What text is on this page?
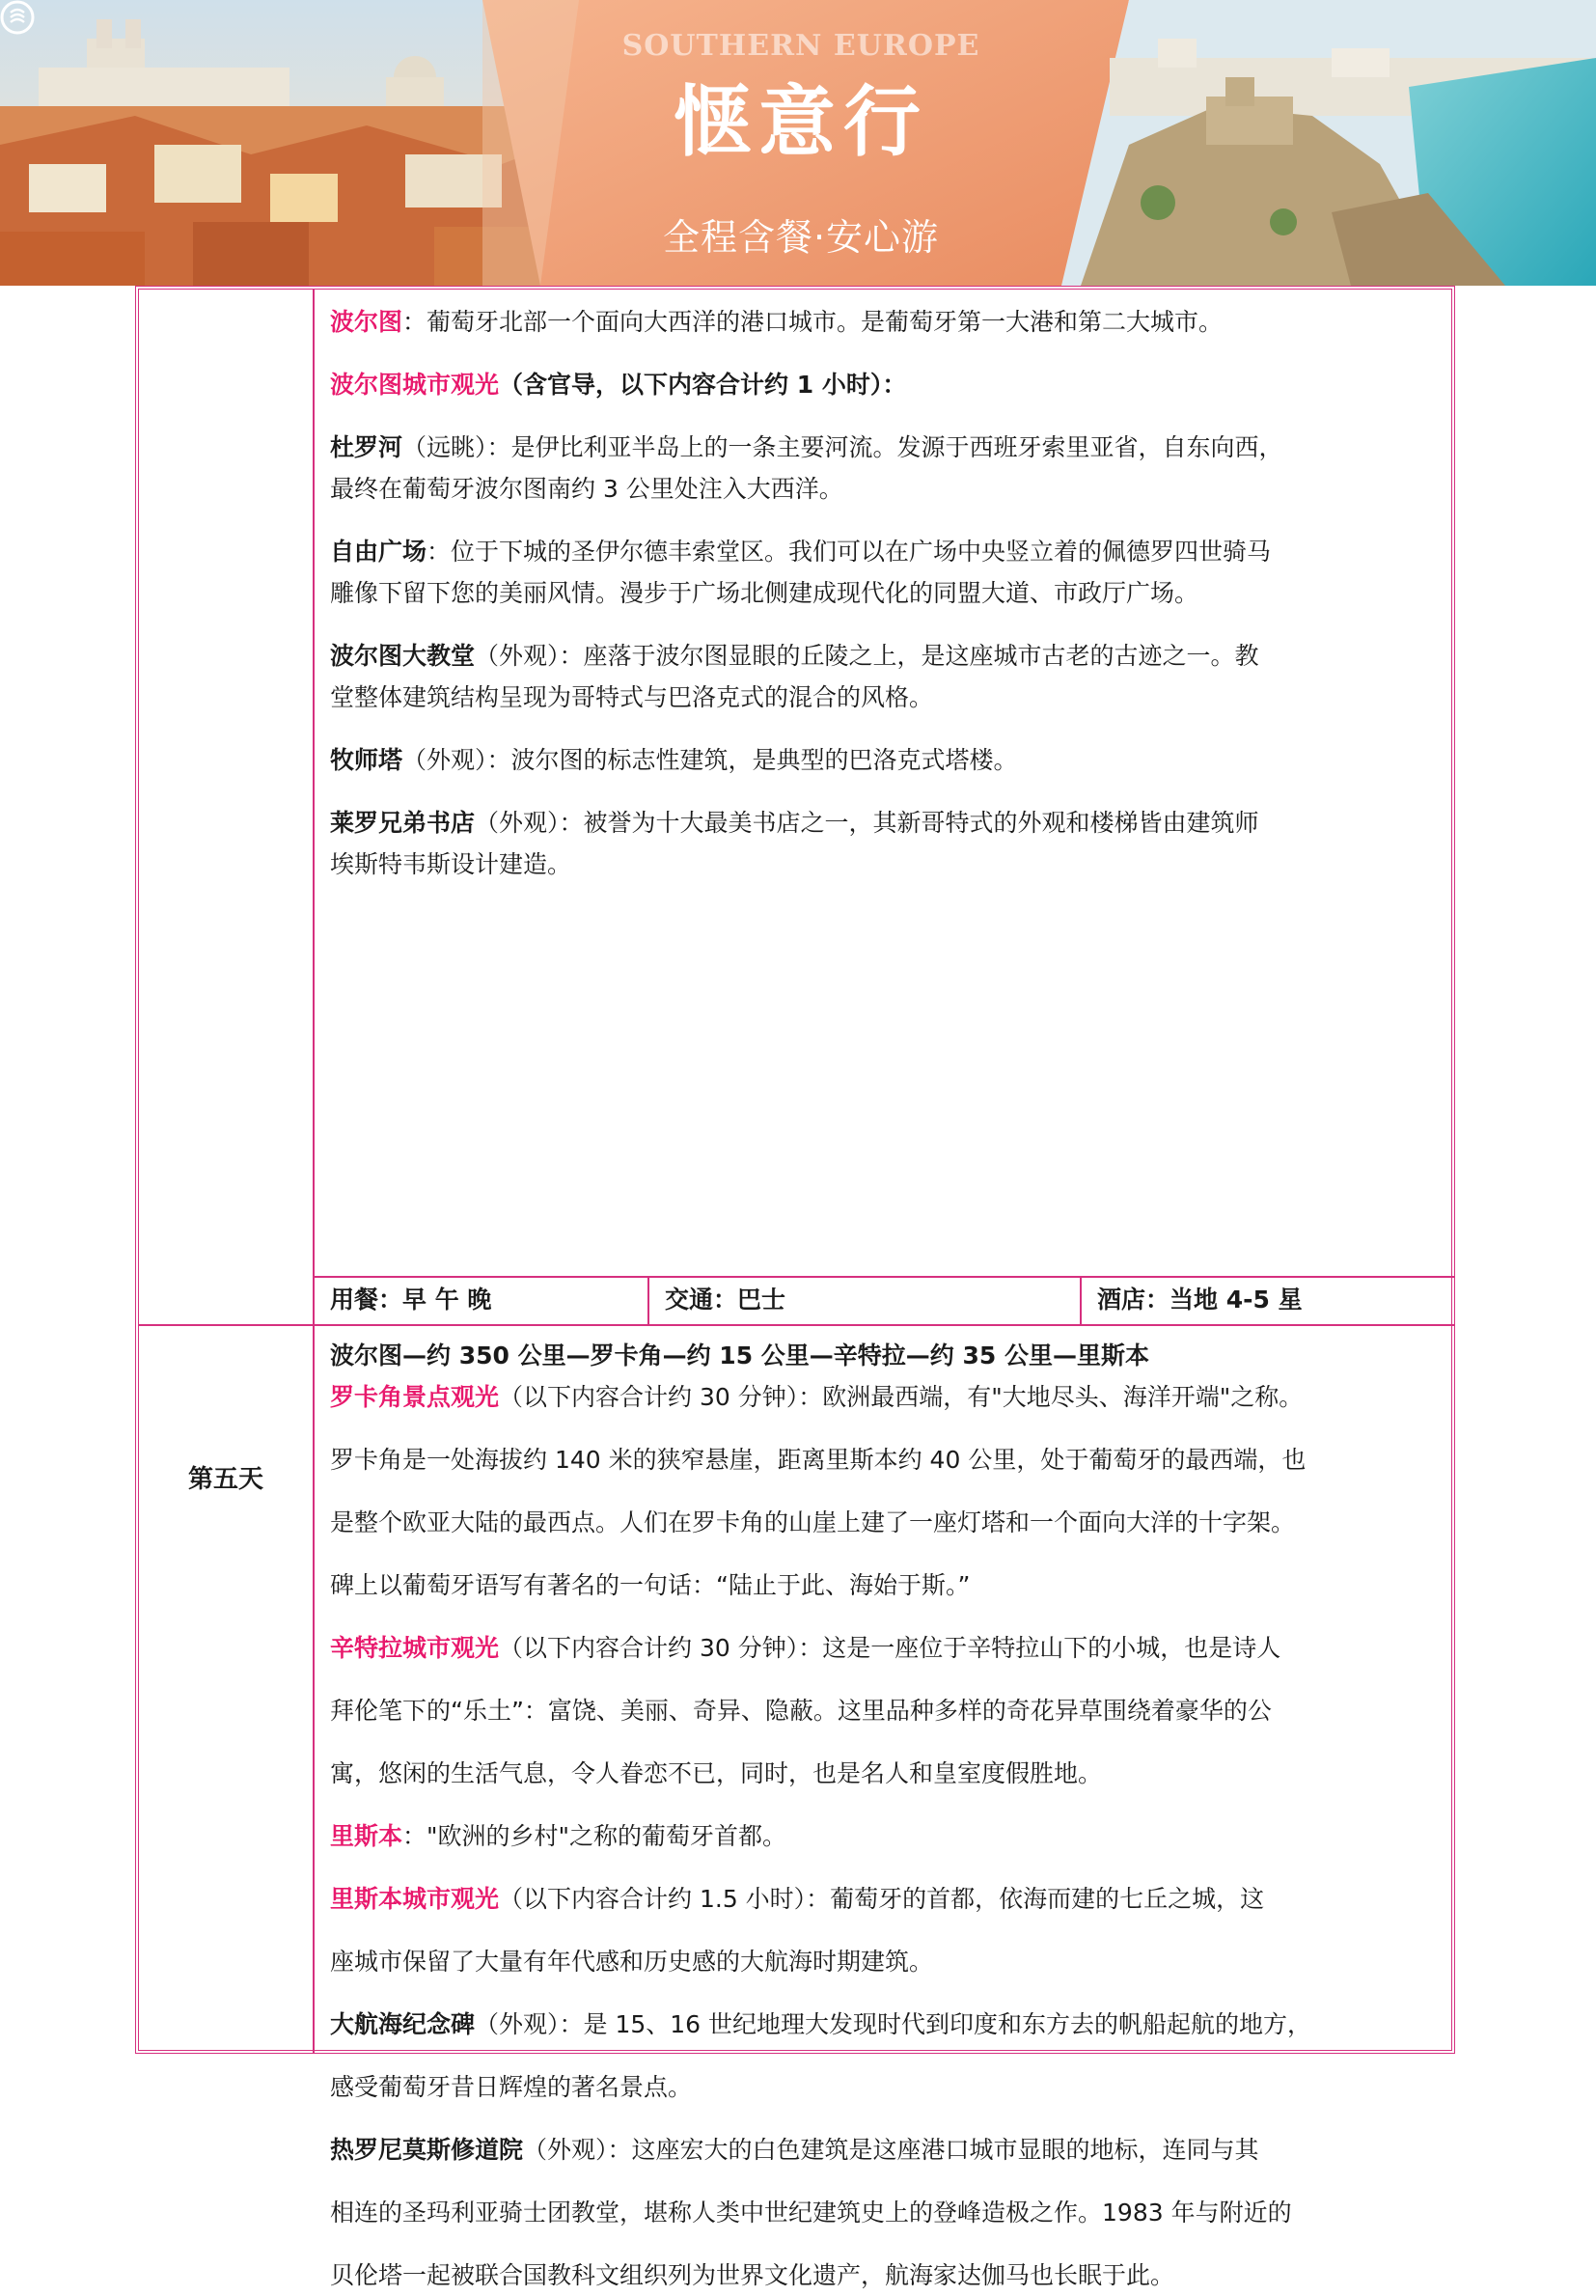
SOUTHERN EUROPE
惬意行
全程含餐·安心游

波尔图：葡萄牙北部一个面向大西洋的港口城市。是葡萄牙第一大港和第二大城市。

波尔图城市观光（含官导，以下内容合计约 1 小时）：

杜罗河（远眺）：是伊比利亚半岛上的一条主要河流。发源于西班牙索里亚省，自东向西，

最终在葡萄牙波尔图南约 3 公里处注入大西洋。

自由广场：位于下城的圣伊尔德丰索堂区。我们可以在广场中央竖立着的佩德罗四世骑马

雕像下留下您的美丽风情。漫步于广场北侧建成现代化的同盟大道、市政厅广场。

波尔图大教堂（外观）：座落于波尔图显眼的丘陵之上，是这座城市古老的古迹之一。教

堂整体建筑结构呈现为哥特式与巴洛克式的混合的风格。

牧师塔（外观）：波尔图的标志性建筑，是典型的巴洛克式塔楼。

莱罗兄弟书店（外观）：被誉为十大最美书店之一，其新哥特式的外观和楼梯皆由建筑师

埃斯特韦斯设计建造。

用餐：早 午 晚	交通：巴士	酒店：当地 4-5 星
第五天

波尔图—约 350 公里—罗卡角—约 15 公里—辛特拉—约 35 公里—里斯本

罗卡角景点观光（以下内容合计约 30 分钟）：欧洲最西端，有"大地尽头、海洋开端"之称。

罗卡角是一处海拔约 140 米的狭窄悬崖，距离里斯本约 40 公里，处于葡萄牙的最西端，也

是整个欧亚大陆的最西点。人们在罗卡角的山崖上建了一座灯塔和一个面向大洋的十字架。

碑上以葡萄牙语写有著名的一句话：“陆止于此、海始于斯。”

辛特拉城市观光（以下内容合计约 30 分钟）：这是一座位于辛特拉山下的小城，也是诗人

拜伦笔下的“乐土”：富饶、美丽、奇异、隐蔽。这里品种多样的奇花异草围绕着豪华的公

寓，悠闲的生活气息，令人眷恋不已，同时，也是名人和皇室度假胜地。

里斯本："欧洲的乡村"之称的葡萄牙首都。

里斯本城市观光（以下内容合计约 1.5 小时）：葡萄牙的首都，依海而建的七丘之城，这

座城市保留了大量有年代感和历史感的大航海时期建筑。

大航海纪念碑（外观）：是 15、16 世纪地理大发现时代到印度和东方去的帆船起航的地方，

感受葡萄牙昔日辉煌的著名景点。

热罗尼莫斯修道院（外观）：这座宏大的白色建筑是这座港口城市显眼的地标，连同与其

相连的圣玛利亚骑士团教堂，堪称人类中世纪建筑史上的登峰造极之作。1983 年与附近的

贝伦塔一起被联合国教科文组织列为世界文化遗产，航海家达伽马也长眠于此。
